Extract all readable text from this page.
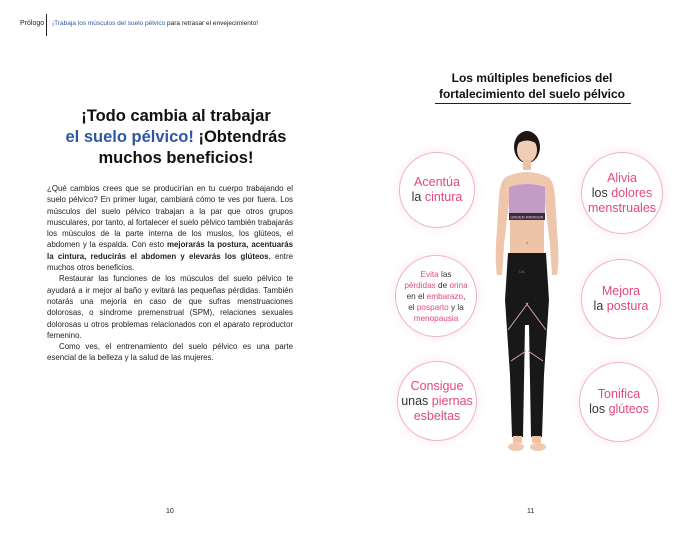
Prólogo ¡Trabaja los músculos del suelo pélvico para retrasar el envejecimiento!
¡Todo cambia al trabajar
el suelo pélvico! ¡Obtendrás
muchos beneficios!

¿Qué cambios crees que se producirían en tu cuerpo trabajando el suelo pélvico? En primer lugar, cambiará cómo te ves por fuera. Los músculos del suelo pélvico trabajan a la par que otros grupos musculares, por tanto, al fortalecer el suelo pélvico también trabajarás los músculos de la parte interna de los muslos, los glúteos, el abdomen y la espalda. Con esto mejorarás la postura, acentuarás la cintura, reducirás el abdomen y elevarás los glúteos, entre muchos otros beneficios.

Restaurar las funciones de los músculos del suelo pélvico te ayudará a ir mejor al baño y evitará las pequeñas pérdidas. También notarás una mejoría en caso de que sufras menstruaciones dolorosas, o síndrome premenstrual (SPM), relaciones sexuales dolorosas u otros problemas relacionados con el aparato reproductor femenino.

Como ves, el entrenamiento del suelo pélvico es una parte esencial de la belleza y la salud de las mujeres.

10
Los múltiples beneficios del
fortalecimiento del suelo pélvico
UNDER ARMOUR
UA
Acentúa
la cintura
Alivia
los dolores
menstruales
Evita las
pérdidas de orina
en el embarazo,
el posparto y la
menopausia
Mejora
la postura
Consigue
unas piernas
esbeltas
Tonifica
los glúteos
11
